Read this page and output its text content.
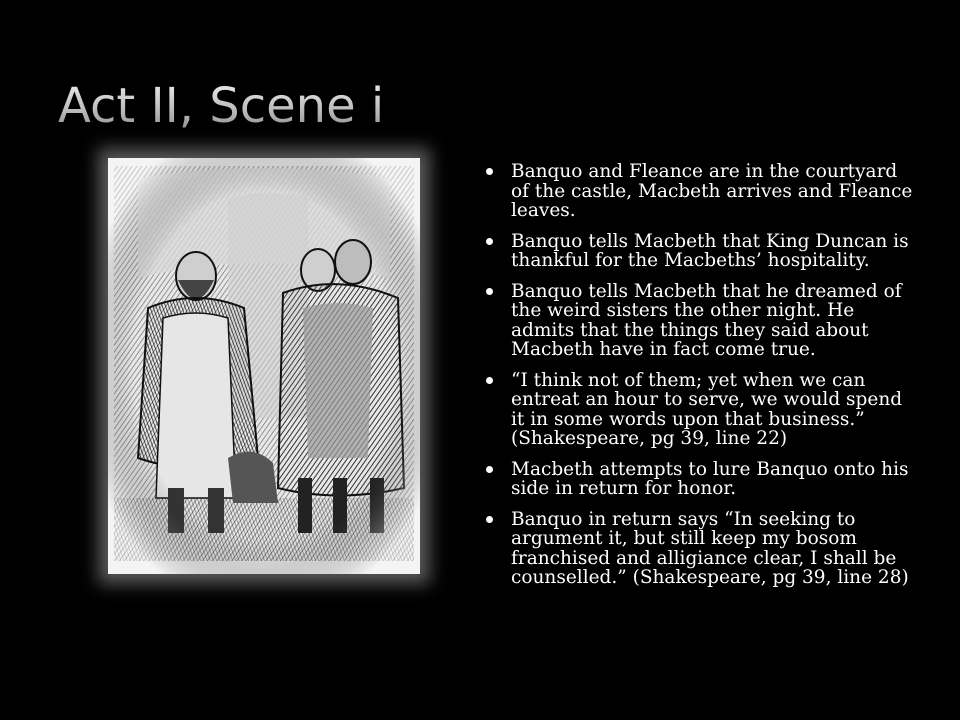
Act II, Scene i
Banquo and Fleance are in the courtyard of the castle, Macbeth arrives and Fleance leaves.
Banquo tells Macbeth that King Duncan is thankful for the Macbeths’ hospitality.
Banquo tells Macbeth that he dreamed of the weird sisters the other night. He admits that the things they said about Macbeth have in fact come true.
“I think not of them; yet when we can entreat an hour to serve, we would spend it in some words upon that business.” (Shakespeare, pg 39, line 22)
Macbeth attempts to lure Banquo onto his side in return for honor.
Banquo in return says “In seeking to argument it, but still keep my bosom franchised and alligiance clear, I shall be counselled.” (Shakespeare, pg 39, line 28)
